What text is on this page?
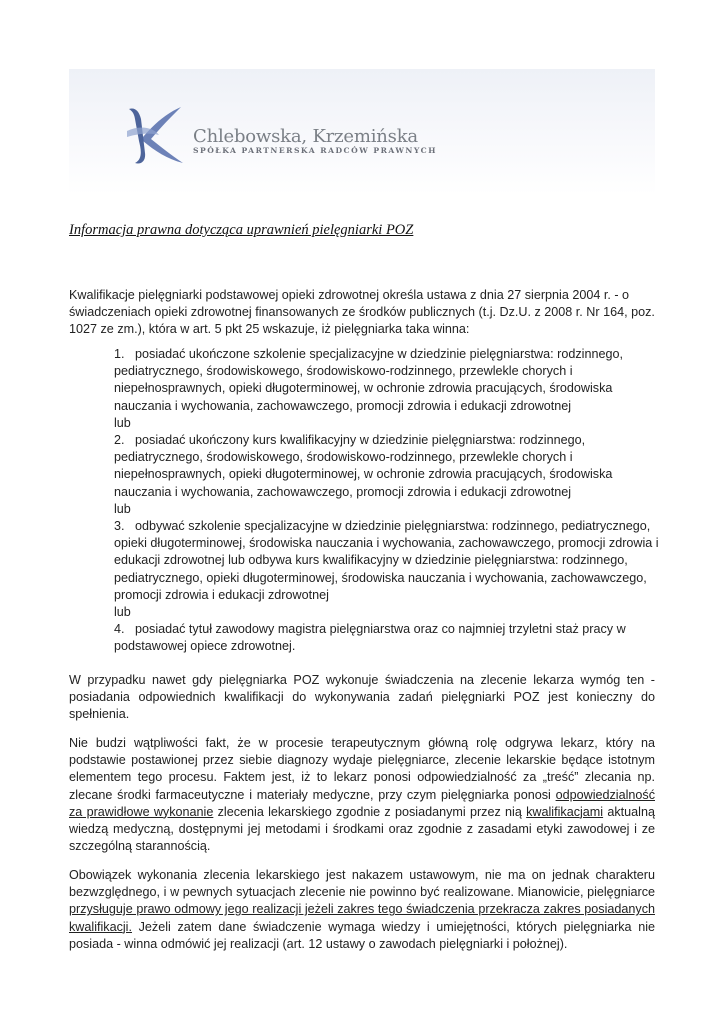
Chlebowska, Krzemińska
SPÓŁKA PARTNERSKA RADCÓW PRAWNYCH
Informacja prawna dotycząca uprawnień pielęgniarki POZ

Kwalifikacje pielęgniarki podstawowej opieki zdrowotnej określa ustawa z dnia 27 sierpnia 2004 r. - o świadczeniach opieki zdrowotnej finansowanych ze środków publicznych (t.j. Dz.U. z 2008 r. Nr 164, poz. 1027 ze zm.), która w art. 5 pkt 25 wskazuje, iż pielęgniarka taka winna:

1. posiadać ukończone szkolenie specjalizacyjne w dziedzinie pielęgniarstwa: rodzinnego, pediatrycznego, środowiskowego, środowiskowo-rodzinnego, przewlekle chorych i niepełnosprawnych, opieki długoterminowej, w ochronie zdrowia pracujących, środowiska nauczania i wychowania, zachowawczego, promocji zdrowia i edukacji zdrowotnej

lub

2. posiadać ukończony kurs kwalifikacyjny w dziedzinie pielęgniarstwa: rodzinnego, pediatrycznego, środowiskowego, środowiskowo-rodzinnego, przewlekle chorych i niepełnosprawnych, opieki długoterminowej, w ochronie zdrowia pracujących, środowiska nauczania i wychowania, zachowawczego, promocji zdrowia i edukacji zdrowotnej

lub

3. odbywać szkolenie specjalizacyjne w dziedzinie pielęgniarstwa: rodzinnego, pediatrycznego, opieki długoterminowej, środowiska nauczania i wychowania, zachowawczego, promocji zdrowia i edukacji zdrowotnej lub odbywa kurs kwalifikacyjny w dziedzinie pielęgniarstwa: rodzinnego, pediatrycznego, opieki długoterminowej, środowiska nauczania i wychowania, zachowawczego, promocji zdrowia i edukacji zdrowotnej

lub

4. posiadać tytuł zawodowy magistra pielęgniarstwa oraz co najmniej trzyletni staż pracy w podstawowej opiece zdrowotnej.

W przypadku nawet gdy pielęgniarka POZ wykonuje świadczenia na zlecenie lekarza wymóg ten - posiadania odpowiednich kwalifikacji do wykonywania zadań pielęgniarki POZ jest konieczny do spełnienia.

Nie budzi wątpliwości fakt, że w procesie terapeutycznym główną rolę odgrywa lekarz, który na podstawie postawionej przez siebie diagnozy wydaje pielęgniarce, zlecenie lekarskie będące istotnym elementem tego procesu. Faktem jest, iż to lekarz ponosi odpowiedzialność za „treść” zlecania np. zlecane środki farmaceutyczne i materiały medyczne, przy czym pielęgniarka ponosi odpowiedzialność za prawidłowe wykonanie zlecenia lekarskiego zgodnie z posiadanymi przez nią kwalifikacjami aktualną wiedzą medyczną, dostępnymi jej metodami i środkami oraz zgodnie z zasadami etyki zawodowej i ze szczególną starannością.

Obowiązek wykonania zlecenia lekarskiego jest nakazem ustawowym, nie ma on jednak charakteru bezwzględnego, i w pewnych sytuacjach zlecenie nie powinno być realizowane. Mianowicie, pielęgniarce przysługuje prawo odmowy jego realizacji jeżeli zakres tego świadczenia przekracza zakres posiadanych kwalifikacji. Jeżeli zatem dane świadczenie wymaga wiedzy i umiejętności, których pielęgniarka nie posiada - winna odmówić jej realizacji (art. 12 ustawy o zawodach pielęgniarki i położnej).
